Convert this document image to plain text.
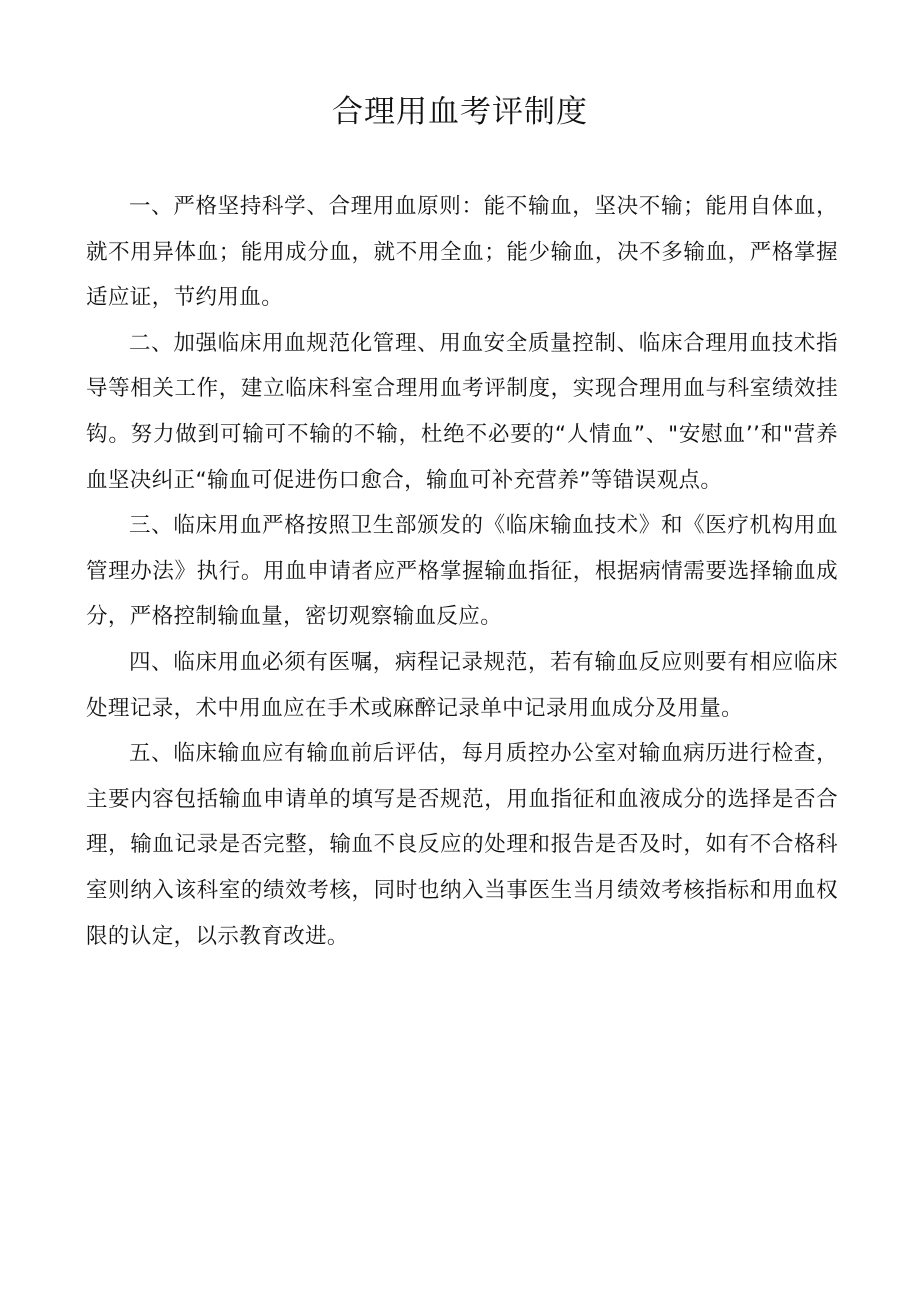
合理用血考评制度

一、严格坚持科学、合理用血原则：能不输血，坚决不输；能用自体血，就不用异体血；能用成分血，就不用全血；能少输血，决不多输血，严格掌握适应证，节约用血。

二、加强临床用血规范化管理、用血安全质量控制、临床合理用血技术指导等相关工作，建立临床科室合理用血考评制度，实现合理用血与科室绩效挂钩。努力做到可输可不输的不输，杜绝不必要的“人情血”、"安慰血’’和"营养血坚决纠正“输血可促进伤口愈合，输血可补充营养”等错误观点。

三、临床用血严格按照卫生部颁发的《临床输血技术》和《医疗机构用血管理办法》执行。用血申请者应严格掌握输血指征，根据病情需要选择输血成分，严格控制输血量，密切观察输血反应。

四、临床用血必须有医嘱，病程记录规范，若有输血反应则要有相应临床处理记录，术中用血应在手术或麻醉记录单中记录用血成分及用量。

五、临床输血应有输血前后评估，每月质控办公室对输血病历进行检查，主要内容包括输血申请单的填写是否规范，用血指征和血液成分的选择是否合理，输血记录是否完整，输血不良反应的处理和报告是否及时，如有不合格科室则纳入该科室的绩效考核，同时也纳入当事医生当月绩效考核指标和用血权限的认定，以示教育改进。
